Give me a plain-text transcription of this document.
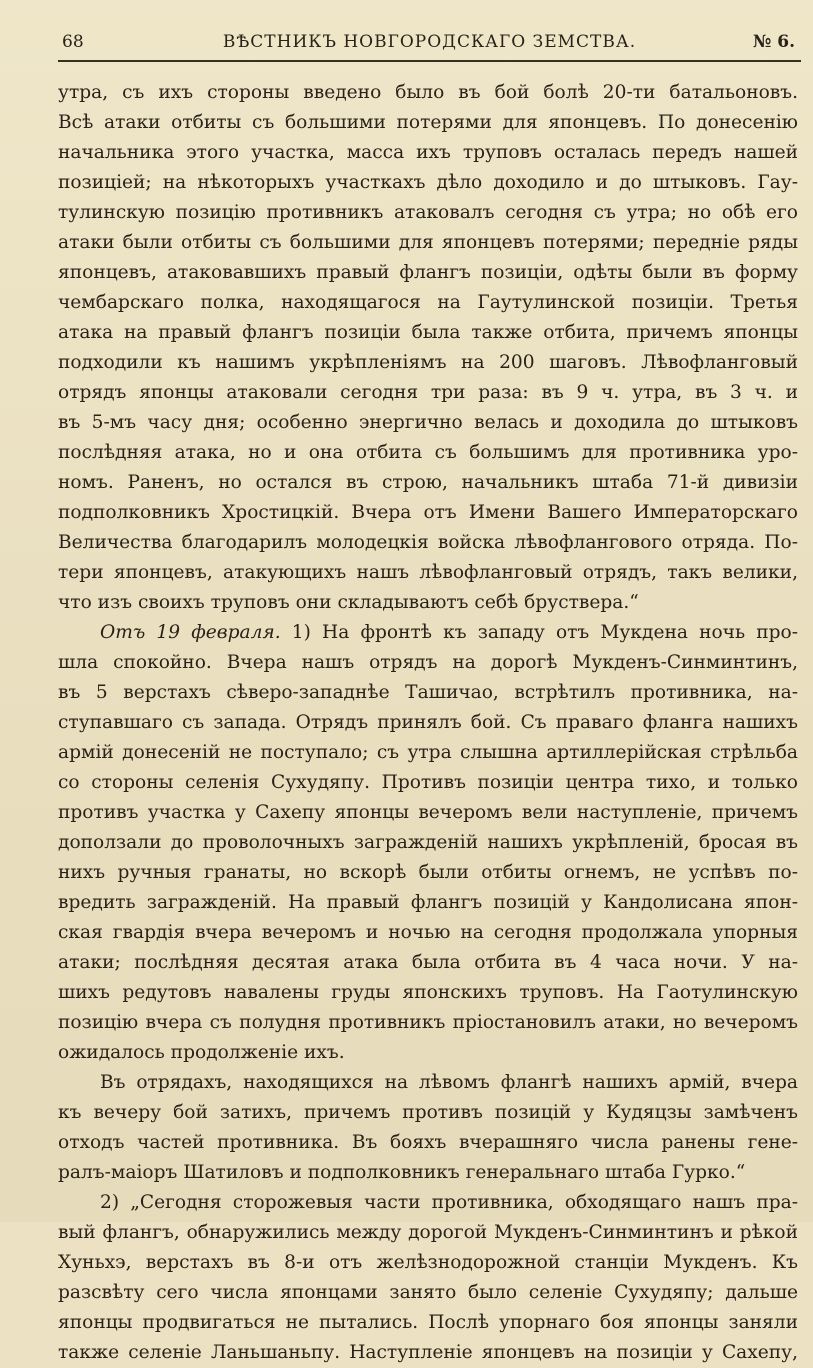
68	ВѢСТНИКЪ НОВГОРОДСКАГО ЗЕМСТВА.	№ 6.
утра, съ ихъ стороны введено было въ бой болѣ 20-ти батальоновъ.
Всѣ атаки отбиты съ большими потерями для японцевъ. По донесенію
начальника этого участка, масса ихъ труповъ осталась передъ нашей
позиціей; на нѣкоторыхъ участкахъ дѣло доходило и до штыковъ. Гау-
тулинскую позицію противникъ атаковалъ сегодня съ утра; но обѣ его
атаки были отбиты съ большими для японцевъ потерями; передніе ряды
японцевъ, атаковавшихъ правый флангъ позиціи, одѣты были въ форму
чембарскаго полка, находящагося на Гаутулинской позиціи. Третья
атака на правый флангъ позиціи была также отбита, причемъ японцы
подходили къ нашимъ укрѣпленіямъ на 200 шаговъ. Лѣвофланговый
отрядъ японцы атаковали сегодня три раза: въ 9 ч. утра, въ 3 ч. и
въ 5-мъ часу дня; особенно энергично велась и доходила до штыковъ
послѣдняя атака, но и она отбита съ большимъ для противника уро-
номъ. Раненъ, но остался въ строю, начальникъ штаба 71-й дивизіи
подполковникъ Хростицкій. Вчера отъ Имени Вашего Императорскаго
Величества благодарилъ молодецкія войска лѣвофлангового отряда. По-
тери японцевъ, атакующихъ нашъ лѣвофланговый отрядъ, такъ велики,
что изъ своихъ труповъ они складываютъ себѣ бруствера.“
Отъ 19 февраля. 1) На фронтѣ къ западу отъ Мукдена ночь про-
шла спокойно. Вчера нашъ отрядъ на дорогѣ Мукденъ-Синминтинъ,
въ 5 верстахъ сѣверо-западнѣе Ташичао, встрѣтилъ противника, на-
ступавшаго съ запада. Отрядъ принялъ бой. Съ праваго фланга нашихъ
армій донесеній не поступало; съ утра слышна артиллерійская стрѣльба
со стороны селенія Сухудяпу. Противъ позиціи центра тихо, и только
противъ участка у Сахепу японцы вечеромъ вели наступленіе, причемъ
доползали до проволочныхъ загражденій нашихъ укрѣпленій, бросая въ
нихъ ручныя гранаты, но вскорѣ были отбиты огнемъ, не успѣвъ по-
вредить загражденій. На правый флангъ позицій у Кандолисана япон-
ская гвардія вчера вечеромъ и ночью на сегодня продолжала упорныя
атаки; послѣдняя десятая атака была отбита въ 4 часа ночи. У на-
шихъ редутовъ навалены груды японскихъ труповъ. На Гаотулинскую
позицію вчера съ полудня противникъ пріостановилъ атаки, но вечеромъ
ожидалось продолженіе ихъ.
Въ отрядахъ, находящихся на лѣвомъ флангѣ нашихъ армій, вчера
къ вечеру бой затихъ, причемъ противъ позицій у Кудяцзы замѣченъ
отходъ частей противника. Въ бояхъ вчерашняго числа ранены гене-
ралъ-маіоръ Шатиловъ и подполковникъ генеральнаго штаба Гурко.“
2) „Сегодня сторожевыя части противника, обходящаго нашъ пра-
вый флангъ, обнаружились между дорогой Мукденъ-Синминтинъ и рѣкой
Хуньхэ, верстахъ въ 8-и отъ желѣзнодорожной станціи Мукденъ. Къ
разсвѣту сего числа японцами занято было селеніе Сухудяпу; дальше
японцы продвигаться не пытались. Послѣ упорнаго боя японцы заняли
также селеніе Ланьшаньпу. Наступленіе японцевъ на позиціи у Сахепу,
